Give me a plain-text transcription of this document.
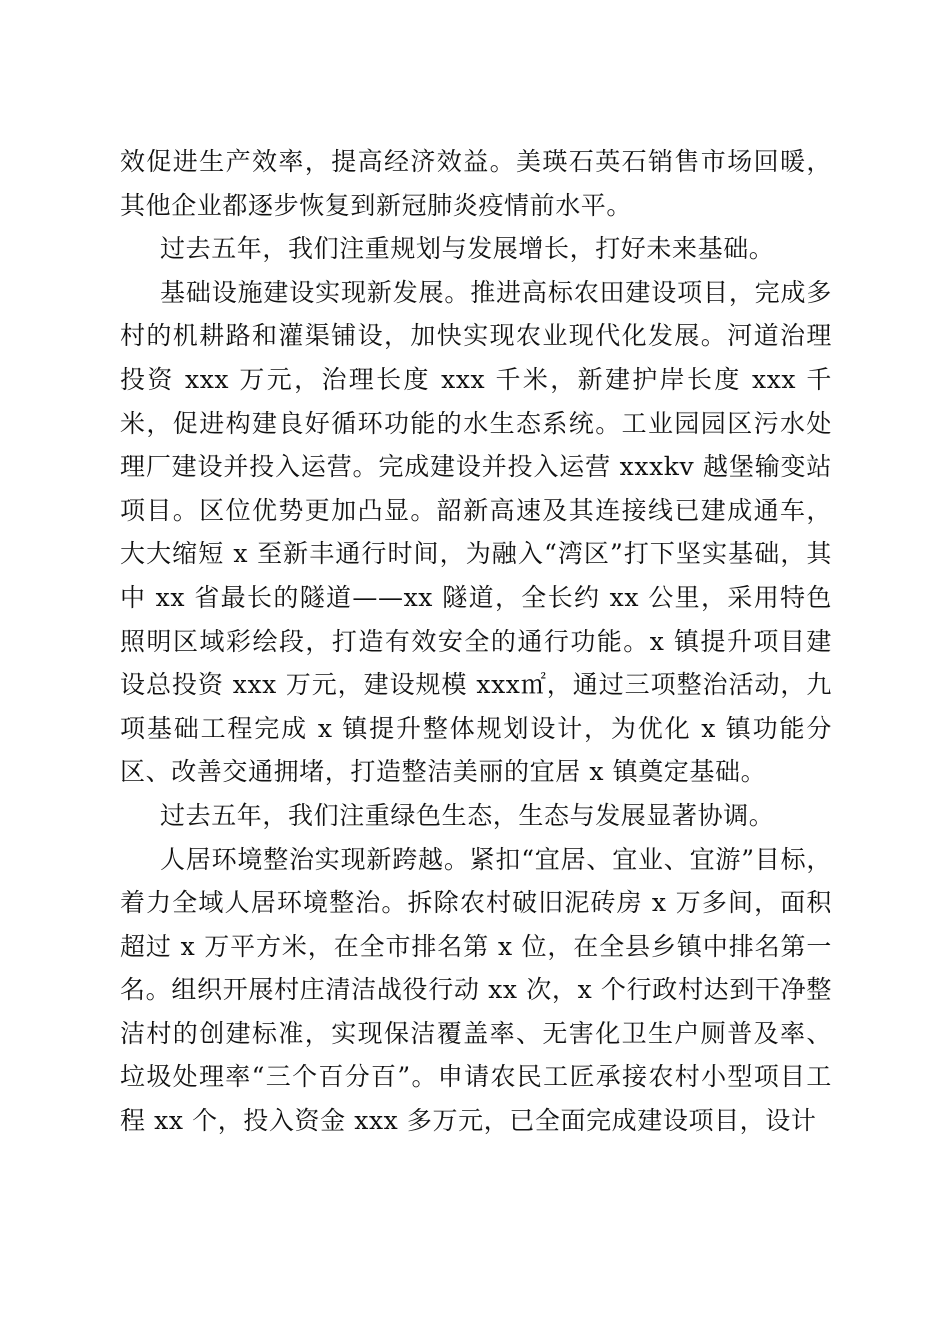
效促进生产效率，提高经济效益。美瑛石英石销售市场回暖，其他企业都逐步恢复到新冠肺炎疫情前水平。

过去五年，我们注重规划与发展增长，打好未来基础。

基础设施建设实现新发展。推进高标农田建设项目，完成多村的机耕路和灌渠铺设，加快实现农业现代化发展。河道治理投资 xxx 万元，治理长度 xxx 千米，新建护岸长度 xxx 千米，促进构建良好循环功能的水生态系统。工业园园区污水处理厂建设并投入运营。完成建设并投入运营 xxxkv 越堡输变站项目。区位优势更加凸显。韶新高速及其连接线已建成通车，大大缩短 x 至新丰通行时间，为融入“湾区”打下坚实基础，其中 xx 省最长的隧道——xx 隧道，全长约 xx 公里，采用特色照明区域彩绘段，打造有效安全的通行功能。x 镇提升项目建设总投资 xxx 万元，建设规模 xxx㎡，通过三项整治活动，九项基础工程完成 x 镇提升整体规划设计，为优化 x 镇功能分区、改善交通拥堵，打造整洁美丽的宜居 x 镇奠定基础。

过去五年，我们注重绿色生态，生态与发展显著协调。

人居环境整治实现新跨越。紧扣“宜居、宜业、宜游”目标，着力全域人居环境整治。拆除农村破旧泥砖房 x 万多间，面积超过 x 万平方米，在全市排名第 x 位，在全县乡镇中排名第一名。组织开展村庄清洁战役行动 xx 次，x 个行政村达到干净整洁村的创建标准，实现保洁覆盖率、无害化卫生户厕普及率、垃圾处理率“三个百分百”。申请农民工匠承接农村小型项目工程 xx 个，投入资金 xxx 多万元，已全面完成建设项目，设计
